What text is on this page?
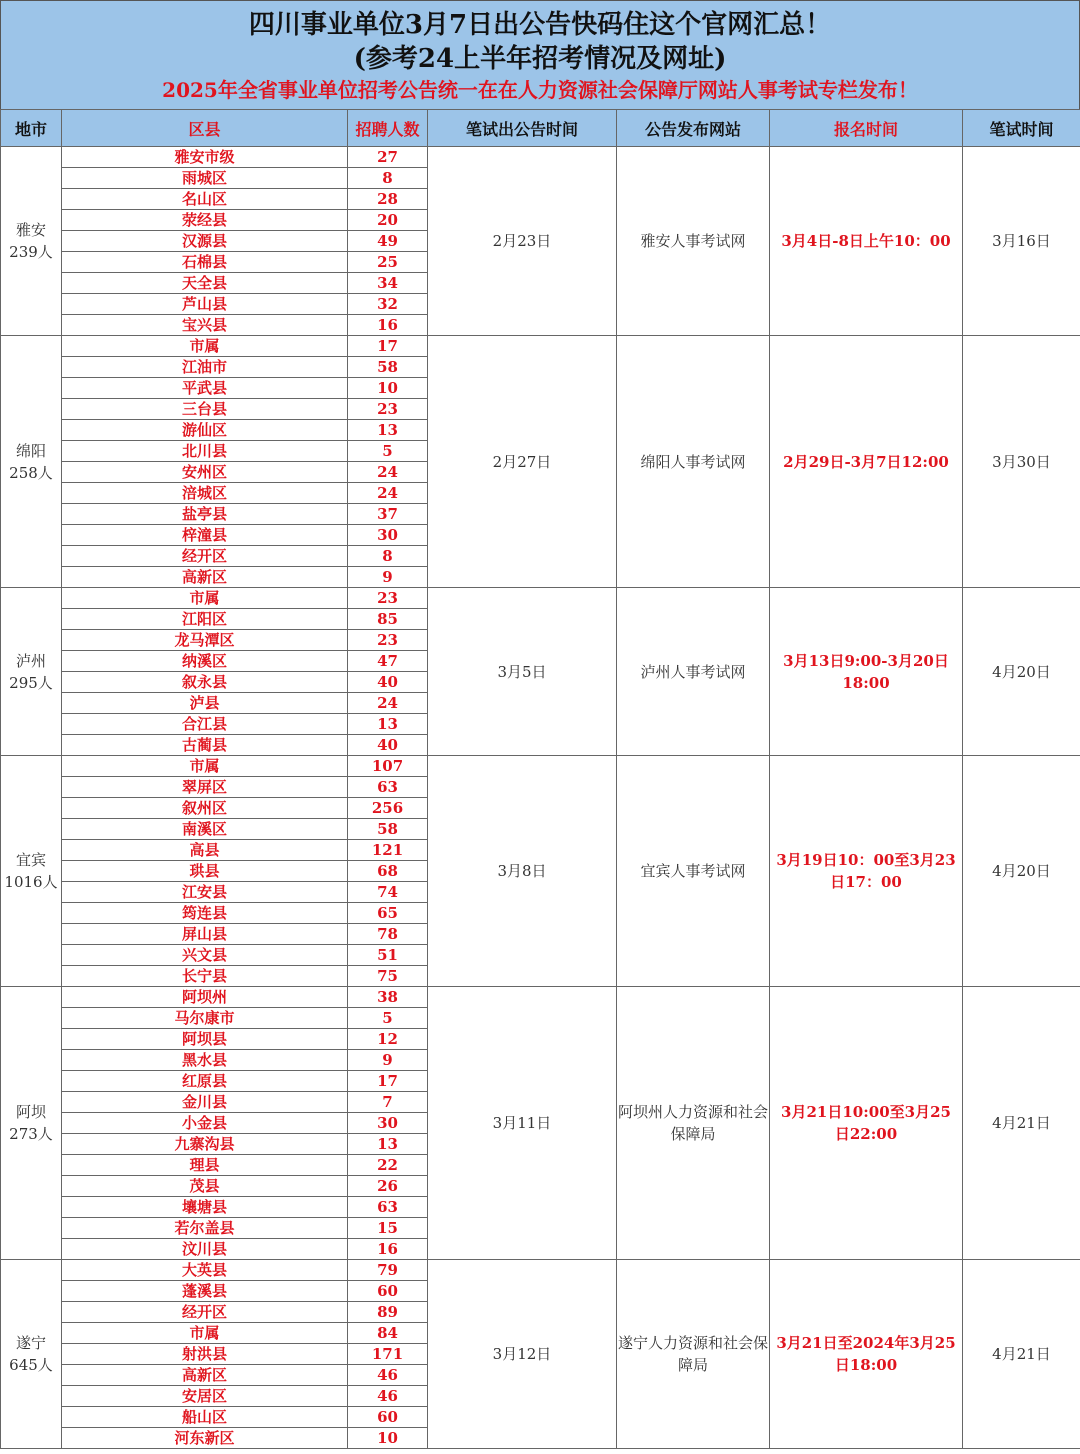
四川事业单位3月7日出公告快码住这个官网汇总！
(参考24上半年招考情况及网址)
2025年全省事业单位招考公告统一在在人力资源社会保障厅网站人事考试专栏发布！
地市	区县	招聘人数	笔试出公告时间	公告发布网站	报名时间	笔试时间

雅安
239人	雅安市级	27	2月23日	雅安人事考试网	3月4日-8日上午10：00	3月16日
	雨城区	8				
	名山区	28				
	荥经县	20				
	汉源县	49				
	石棉县	25				
	天全县	34				
	芦山县	32				
	宝兴县	16				

绵阳
258人	市属	17	2月27日	绵阳人事考试网	2月29日-3月7日12:00	3月30日
	江油市	58				
	平武县	10				
	三台县	23				
	游仙区	13				
	北川县	5				
	安州区	24				
	涪城区	24				
	盐亭县	37				
	梓潼县	30				
	经开区	8				
	高新区	9				

泸州
295人	市属	23	3月5日	泸州人事考试网	3月13日9:00-3月20日18:00	4月20日
	江阳区	85				
	龙马潭区	23				
	纳溪区	47				
	叙永县	40				
	泸县	24				
	合江县	13				
	古蔺县	40				

宜宾
1016人	市属	107	3月8日	宜宾人事考试网	3月19日10：00至3月23日17：00	4月20日
	翠屏区	63				
	叙州区	256				
	南溪区	58				
	高县	121				
	珙县	68				
	江安县	74				
	筠连县	65				
	屏山县	78				
	兴文县	51				
	长宁县	75				

阿坝
273人	阿坝州	38	3月11日	阿坝州人力资源和社会保障局	3月21日10:00至3月25日22:00	4月21日
	马尔康市	5				
	阿坝县	12				
	黑水县	9				
	红原县	17				
	金川县	7				
	小金县	30				
	九寨沟县	13				
	理县	22				
	茂县	26				
	壤塘县	63				
	若尔盖县	15				
	汶川县	16				

遂宁
645人	大英县	79	3月12日	遂宁人力资源和社会保障局	3月21日至2024年3月25日18:00	4月21日
	蓬溪县	60				
	经开区	89				
	市属	84				
	射洪县	171				
	高新区	46				
	安居区	46				
	船山区	60				
	河东新区	10				
